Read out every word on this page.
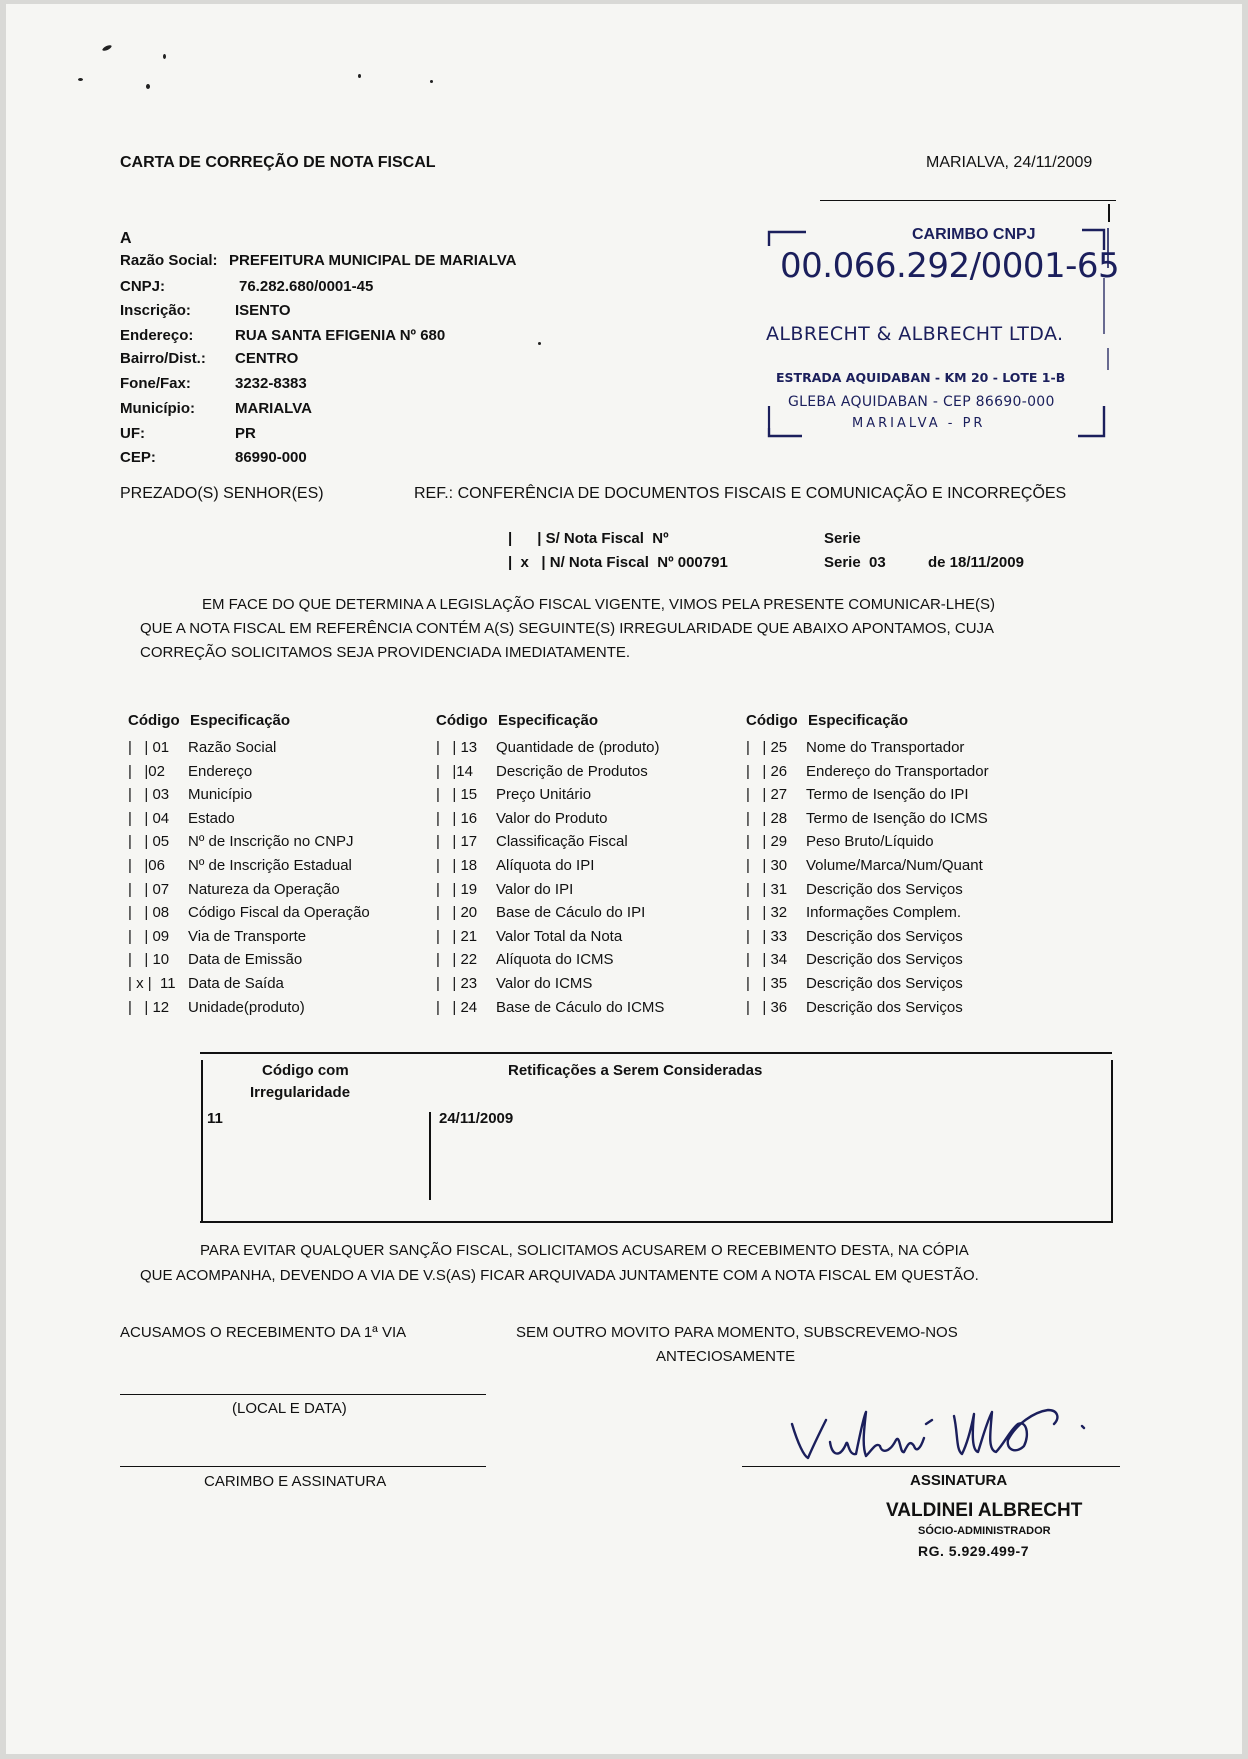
CARTA DE CORREÇÃO DE NOTA FISCAL	MARIALVA, 24/11/2009
A
Razão Social: PREFEITURA MUNICIPAL DE MARIALVA
CNPJ:	76.282.680/0001-45
Inscrição:	ISENTO
Endereço:	RUA SANTA EFIGENIA Nº 680
Bairro/Dist.: CENTRO
Fone/Fax:	3232-8383
Município:	MARIALVA
UF:	PR
CEP:	86990-000
CARIMBO CNPJ
00.066.292/0001-65
ALBRECHT & ALBRECHT LTDA.
ESTRADA AQUIDABAN - KM 20 - LOTE 1-B
GLEBA AQUIDABAN - CEP 86690-000
MARIALVA - PR
PREZADO(S) SENHOR(ES)	REF.: CONFERÊNCIA DE DOCUMENTOS FISCAIS E COMUNICAÇÃO E INCORREÇÕES
|      | S/ Nota Fiscal  Nº	Serie
|  x   | N/ Nota Fiscal  Nº 000791	Serie  03	de 18/11/2009
EM FACE DO QUE DETERMINA A LEGISLAÇÃO FISCAL VIGENTE, VIMOS PELA PRESENTE COMUNICAR-LHE(S)
QUE A NOTA FISCAL EM REFERÊNCIA CONTÉM A(S) SEGUINTE(S) IRREGULARIDADE QUE ABAIXO APONTAMOS, CUJA
CORREÇÃO SOLICITAMOS SEJA PROVIDENCIADA IMEDIATAMENTE.
Código Especificação
|   | 01 Razão Social
|   |02 Endereço
|   | 03 Município
|   | 04 Estado
|   | 05 Nº de Inscrição no CNPJ
|   |06 Nº de Inscrição Estadual
|   | 07 Natureza da Operação
|   | 08 Código Fiscal da Operação
|   | 09 Via de Transporte
|   | 10 Data de Emissão
| x |  11 Data de Saída
|   | 12 Unidade(produto)
Código Especificação
|   | 13 Quantidade de (produto)
|   |14 Descrição de Produtos
|   | 15 Preço Unitário
|   | 16 Valor do Produto
|   | 17 Classificação Fiscal
|   | 18 Alíquota do IPI
|   | 19 Valor do IPI
|   | 20 Base de Cáculo do IPI
|   | 21 Valor Total da Nota
|   | 22 Alíquota do ICMS
|   | 23 Valor do ICMS
|   | 24 Base de Cáculo do ICMS
Código Especificação
|   | 25 Nome do Transportador
|   | 26 Endereço do Transportador
|   | 27 Termo de Isenção do IPI
|   | 28 Termo de Isenção do ICMS
|   | 29 Peso Bruto/Líquido
|   | 30 Volume/Marca/Num/Quant
|   | 31 Descrição dos Serviços
|   | 32 Informações Complem.
|   | 33 Descrição dos Serviços
|   | 34 Descrição dos Serviços
|   | 35 Descrição dos Serviços
|   | 36 Descrição dos Serviços
Código com
Irregularidade
Retificações a Serem Consideradas
11	24/11/2009
PARA EVITAR QUALQUER SANÇÃO FISCAL, SOLICITAMOS ACUSAREM O RECEBIMENTO DESTA, NA CÓPIA
QUE ACOMPANHA, DEVENDO A VIA DE V.S(AS) FICAR ARQUIVADA JUNTAMENTE COM A NOTA FISCAL EM QUESTÃO.
ACUSAMOS O RECEBIMENTO DA 1ª VIA	SEM OUTRO MOVITO PARA MOMENTO, SUBSCREVEMO-NOS
ANTECIOSAMENTE
(LOCAL E DATA)
CARIMBO E ASSINATURA	ASSINATURA
VALDINEI ALBRECHT
SÓCIO-ADMINISTRADOR
RG. 5.929.499-7
